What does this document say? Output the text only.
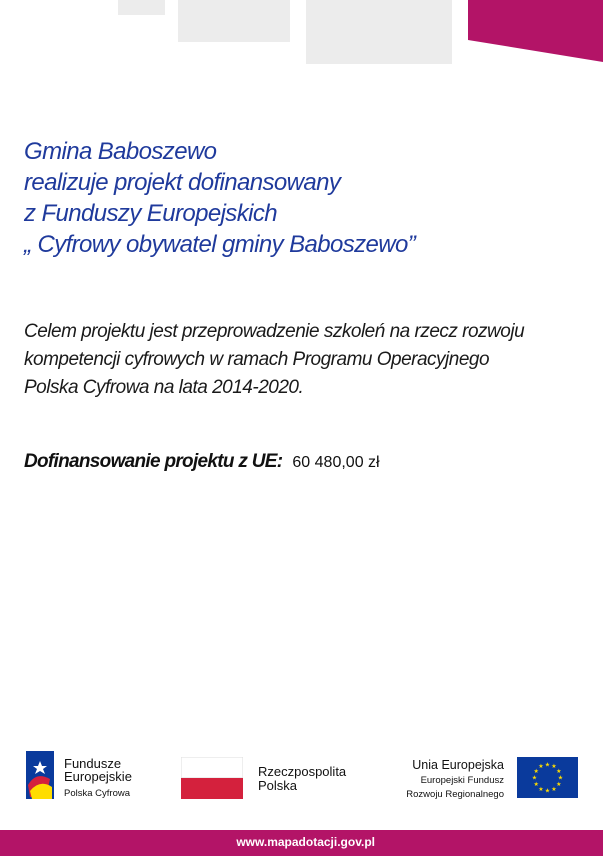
Gmina Baboszewo
realizuje projekt dofinansowany
z Funduszy Europejskich
„ Cyfrowy obywatel gminy Baboszewo”

Celem projektu jest przeprowadzenie szkoleń na rzecz rozwoju
kompetencji cyfrowych w ramach Programu Operacyjnego
Polska Cyfrowa na lata 2014-2020.

Dofinansowanie projektu z UE: 60 480,00 zł
Fundusze
Europejskie
Polska Cyfrowa
Rzeczpospolita
Polska
Unia Europejska
Europejski Fundusz
Rozwoju Regionalnego
★ ★
★
★
★
★
★
★
★
★
★
★
www.mapadotacji.gov.pl
